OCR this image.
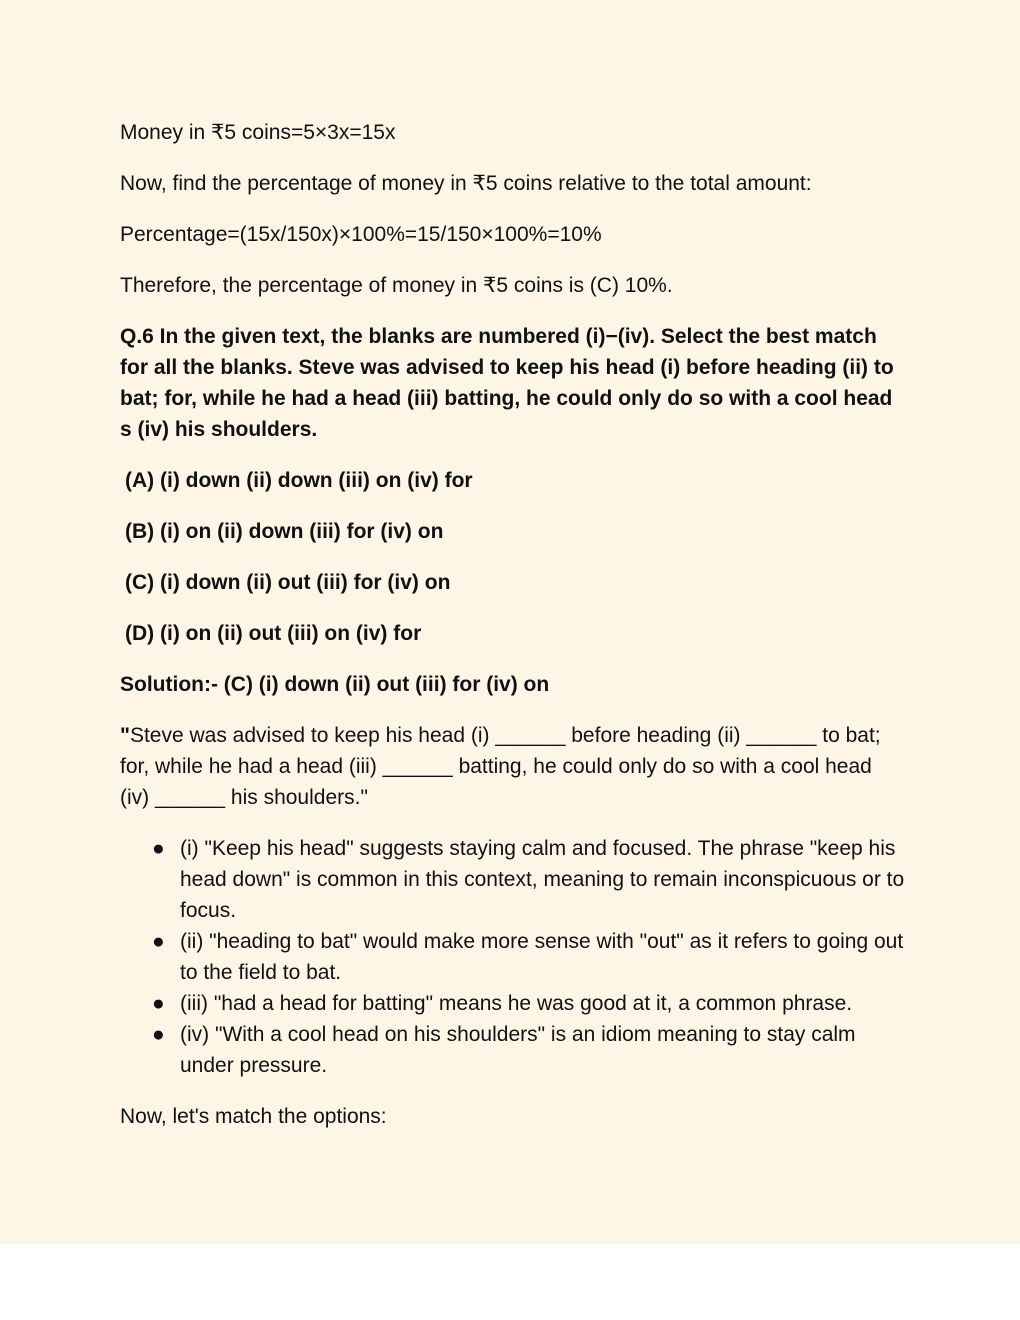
Money in ₹5 coins=5×3x=15x

Now, find the percentage of money in ₹5 coins relative to the total amount:

Percentage=(15x/150x)×100%=15/150×100%=10%

Therefore, the percentage of money in ₹5 coins is (C) 10%.

Q.6 In the given text, the blanks are numbered (i)−(iv). Select the best match for all the blanks. Steve was advised to keep his head (i) before heading (ii) to bat; for, while he had a head (iii) batting, he could only do so with a cool head s (iv) his shoulders.

(A) (i) down (ii) down (iii) on (iv) for

(B) (i) on (ii) down (iii) for (iv) on

(C) (i) down (ii) out (iii) for (iv) on

(D) (i) on (ii) out (iii) on (iv) for

Solution:- (C) (i) down (ii) out (iii) for (iv) on

"Steve was advised to keep his head (i) ______ before heading (ii) ______ to bat; for, while he had a head (iii) ______ batting, he could only do so with a cool head (iv) ______ his shoulders."

● (i) "Keep his head" suggests staying calm and focused. The phrase "keep his head down" is common in this context, meaning to remain inconspicuous or to focus.
● (ii) "heading to bat" would make more sense with "out" as it refers to going out to the field to bat.
● (iii) "had a head for batting" means he was good at it, a common phrase.
● (iv) "With a cool head on his shoulders" is an idiom meaning to stay calm under pressure.

Now, let's match the options:
